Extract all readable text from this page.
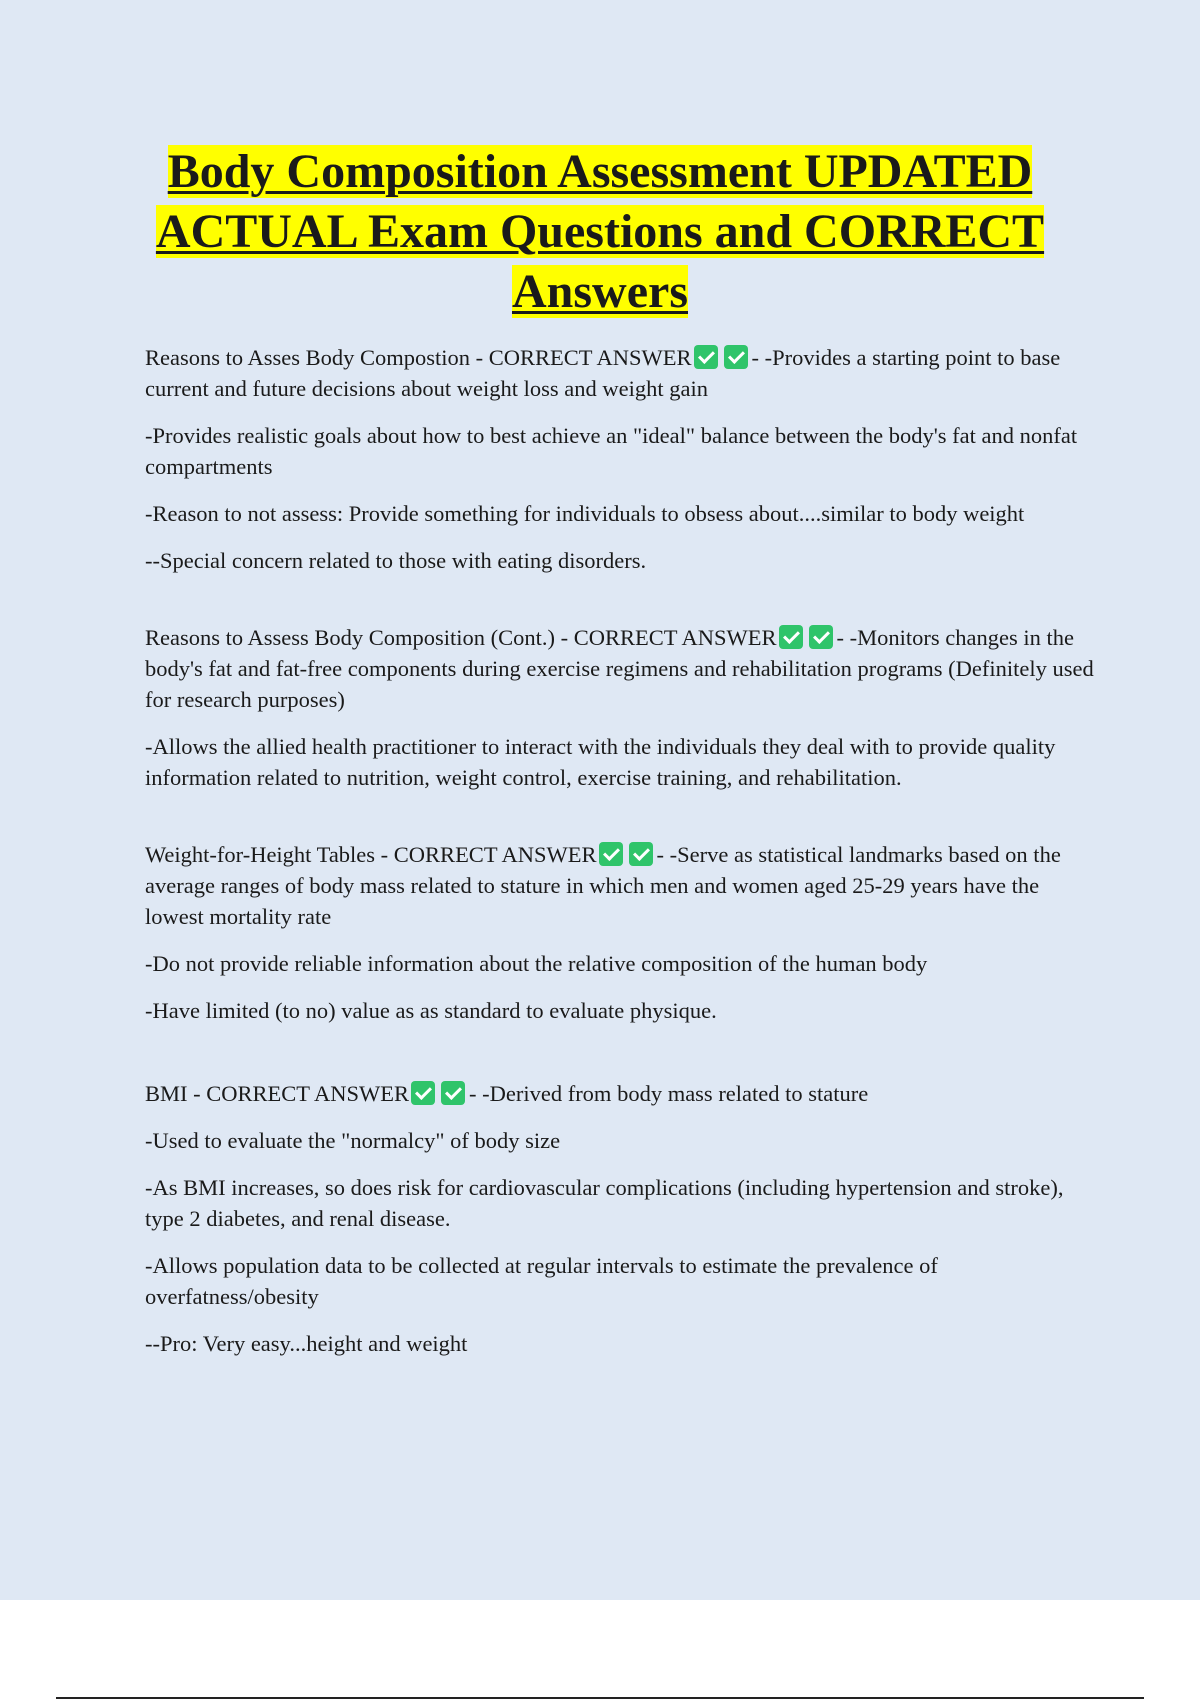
Body Composition Assessment UPDATED
ACTUAL Exam Questions and CORRECT
Answers

Reasons to Asses Body Compostion - CORRECT ANSWER	- -Provides a starting point to base current and future decisions about weight loss and weight gain

-Provides realistic goals about how to best achieve an "ideal" balance between the body's fat and nonfat compartments

-Reason to not assess: Provide something for individuals to obsess about....similar to body weight

--Special concern related to those with eating disorders.

Reasons to Assess Body Composition (Cont.) - CORRECT ANSWER	- -Monitors changes in the body's fat and fat-free components during exercise regimens and rehabilitation programs (Definitely used for research purposes)

-Allows the allied health practitioner to interact with the individuals they deal with to provide quality information related to nutrition, weight control, exercise training, and rehabilitation.

Weight-for-Height Tables - CORRECT ANSWER	- -Serve as statistical landmarks based on the average ranges of body mass related to stature in which men and women aged 25-29 years have the lowest mortality rate

-Do not provide reliable information about the relative composition of the human body

-Have limited (to no) value as as standard to evaluate physique.

BMI - CORRECT ANSWER	- -Derived from body mass related to stature

-Used to evaluate the "normalcy" of body size

-As BMI increases, so does risk for cardiovascular complications (including hypertension and stroke), type 2 diabetes, and renal disease.

-Allows population data to be collected at regular intervals to estimate the prevalence of overfatness/obesity

--Pro: Very easy...height and weight
